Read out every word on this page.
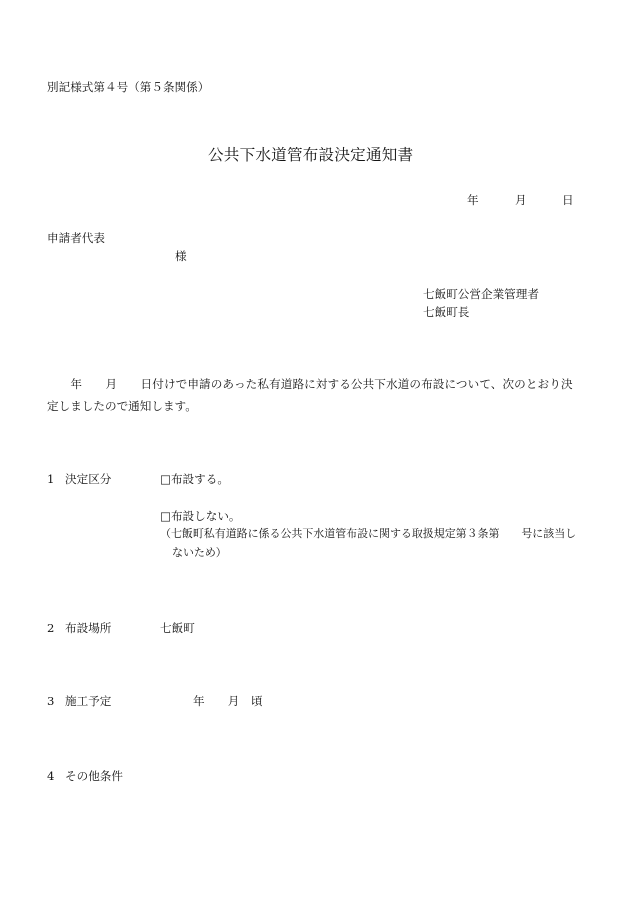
別記様式第４号（第５条関係）
公共下水道管布設決定通知書
年	月	日
申請者代表
様
七飯町公営企業管理者
七飯町長
　　年　　月　　日付けで申請のあった私有道路に対する公共下水道の布設について、次のとおり決
定しましたので通知します。
1 決定区分	□布設する。
□布設しない。
（七飯町私有道路に係る公共下水道管布設に関する取扱規定第３条第　　号に該当し
ないため）
2 布設場所	七飯町
3 施工予定	年　　月　頃
4 その他条件
